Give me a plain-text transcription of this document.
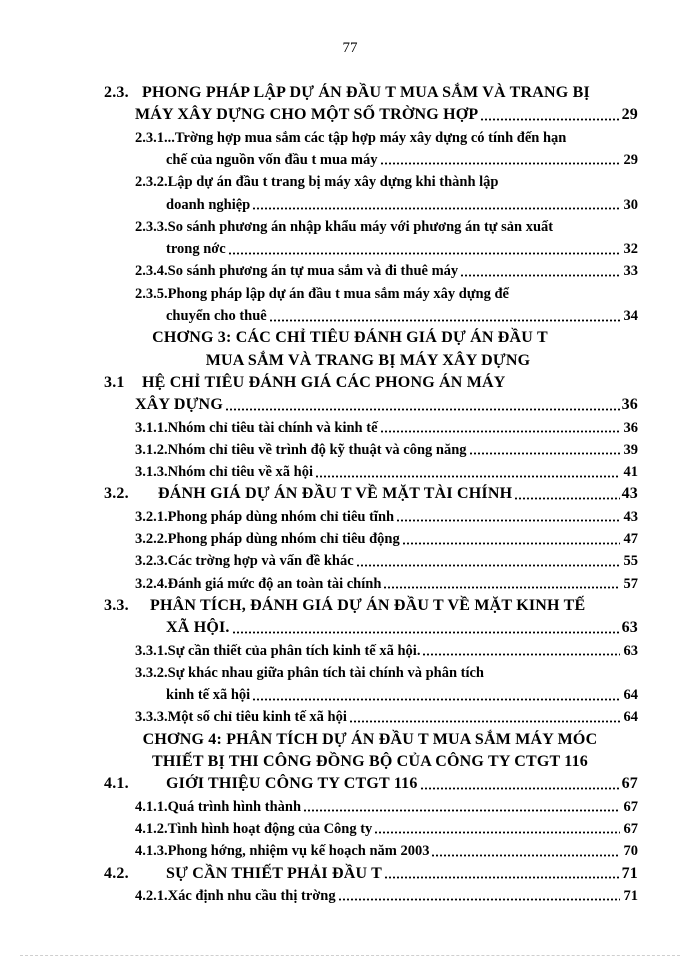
77
2.3. PHONG PHÁP LẬP DỰ ÁN ĐẦU T MUA SẮM VÀ TRANG BỊ
MÁY XÂY DỰNG CHO MỘT SỐ TRỜNG HỢP	29
2.3.1...Trờng hợp mua sắm các tập hợp máy xây dựng có tính đến hạn
chế của nguồn vốn đầu t mua máy	29
2.3.2.Lập dự án đầu t trang bị máy xây dựng khi thành lập
doanh nghiệp	30
2.3.3.So sánh phương án nhập khẩu máy với phương án tự sản xuất
trong nớc	32
2.3.4.So sánh phương án tự mua sắm và đi thuê máy	33
2.3.5.Phong pháp lập dự án đầu t mua sắm máy xây dựng để
chuyển cho thuê	34
CHƠNG 3: CÁC CHỈ TIÊU ĐÁNH GIÁ DỰ ÁN ĐẦU T
MUA SẮM VÀ TRANG BỊ MÁY XÂY DỰNG
3.1 HỆ CHỈ TIÊU ĐÁNH GIÁ CÁC PHONG ÁN MÁY
XÂY DỰNG	36
3.1.1.Nhóm chỉ tiêu tài chính và kinh tế	36
3.1.2.Nhóm chỉ tiêu về trình độ kỹ thuật và công năng	39
3.1.3.Nhóm chỉ tiêu về xã hội	41
3.2. ĐÁNH GIÁ DỰ ÁN ĐẦU T VỀ MẶT TÀI CHÍNH	43
3.2.1.Phong pháp dùng nhóm chỉ tiêu tĩnh	43
3.2.2.Phong pháp dùng nhóm chỉ tiêu động	47
3.2.3.Các trờng hợp và vấn đề khác	55
3.2.4.Đánh giá mức độ an toàn tài chính	57
3.3. PHÂN TÍCH, ĐÁNH GIÁ DỰ ÁN ĐẦU T VỀ MẶT KINH TẾ
XÃ HỘI.	63
3.3.1.Sự cần thiết của phân tích kinh tế xã hội.	63
3.3.2.Sự khác nhau giữa phân tích tài chính và phân tích
kinh tế xã hội	64
3.3.3.Một số chỉ tiêu kinh tế xã hội	64
CHƠNG 4: PHÂN TÍCH DỰ ÁN ĐẦU T MUA SẮM MÁY MÓC
THIẾT BỊ THI CÔNG ĐỒNG BỘ CỦA CÔNG TY CTGT 116
4.1. GIỚI THIỆU CÔNG TY CTGT 116	67
4.1.1.Quá trình hình thành	67
4.1.2.Tình hình hoạt động của Công ty	67
4.1.3.Phong hớng, nhiệm vụ kế hoạch năm 2003	70
4.2. SỰ CẦN THIẾT PHẢI ĐẦU T	71
4.2.1.Xác định nhu cầu thị trờng	71
